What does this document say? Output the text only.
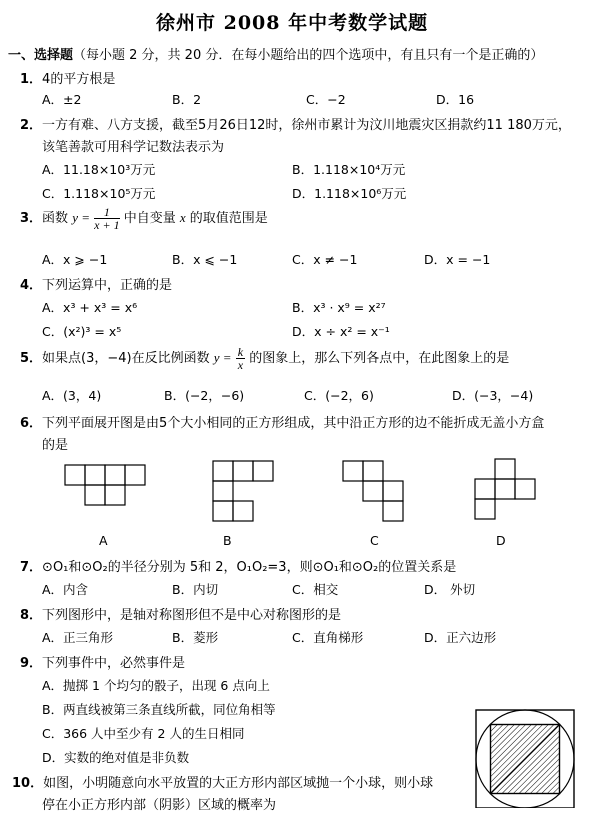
徐州市 2008 年中考数学试题
一、选择题（每小题 2 分，共 20 分．在每小题给出的四个选项中，有且只有一个是正确的）
1．4的平方根是
A．±2	B．2	C．−2	D．16
2．一方有难、八方支援，截至5月26日12时，徐州市累计为汶川地震灾区捐款约11 180万元，
该笔善款可用科学记数法表示为
A．11.18×10³万元	B．1.118×10⁴万元
C．1.118×10⁵万元	D．1.118×10⁶万元
3．函数 $y = \frac{1}{x + 1}$ 中自变量 x 的取值范围是
A．x ⩾ −1	B．x ⩽ −1	C．x ≠ −1	D．x = −1
4．下列运算中，正确的是
A．x³ + x³ = x⁶	B．x³ · x⁹ = x²⁷
C．(x²)³ = x⁵	D．x ÷ x² = x⁻¹
5．如果点(3，−4)在反比例函数 $y = \frac{k}{x}$ 的图象上，那么下列各点中，在此图象上的是
A．(3，4)	B．(−2，−6)	C．(−2，6)	D．(−3，−4)
6．下列平面展开图是由5个大小相同的正方形组成，其中沿正方形的边不能折成无盖小方盒
的是
A	B	C	D
7．⊙O₁和⊙O₂的半径分别为 5和 2，O₁O₂=3，则⊙O₁和⊙O₂的位置关系是
A．内含	B．内切	C．相交	D． 外切
8．下列图形中，是轴对称图形但不是中心对称图形的是
A．正三角形	B．菱形	C．直角梯形	D．正六边形
9．下列事件中，必然事件是
A．抛掷 1 个均匀的骰子，出现 6 点向上
B．两直线被第三条直线所截，同位角相等
C．366 人中至少有 2 人的生日相同
D．实数的绝对值是非负数
10．如图，小明随意向水平放置的大正方形内部区域抛一个小球，则小球
停在小正方形内部（阴影）区域的概率为
